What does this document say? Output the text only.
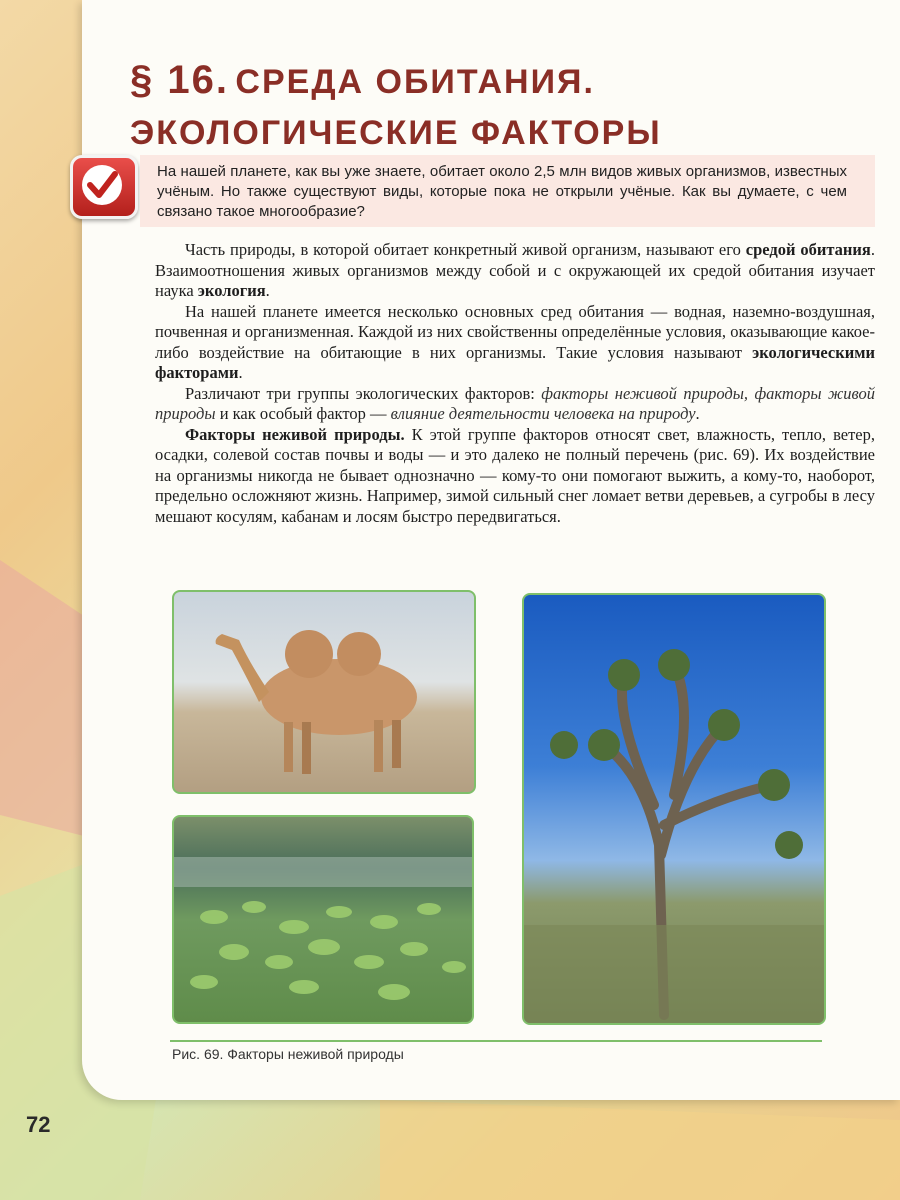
§ 16. СРЕДА ОБИТАНИЯ.
ЭКОЛОГИЧЕСКИЕ ФАКТОРЫ
На нашей планете, как вы уже знаете, обитает около 2,5 млн видов живых организмов, известных учёным. Но также существуют виды, которые пока не открыли учёные. Как вы думаете, с чем связано такое многообразие?

Часть природы, в которой обитает конкретный живой организм, называют его средой обитания. Взаимоотношения живых организмов между собой и с окружающей их средой обитания изучает наука экология.

На нашей планете имеется несколько основных сред обитания — водная, наземно-воздушная, почвенная и организменная. Каждой из них свойственны определённые условия, оказывающие какое-либо воздействие на обитающие в них организмы. Такие условия называют экологическими факторами.

Различают три группы экологических факторов: факторы неживой природы, факторы живой природы и как особый фактор — влияние деятельности человека на природу.

Факторы неживой природы. К этой группе факторов относят свет, влажность, тепло, ветер, осадки, солевой состав почвы и воды — и это далеко не полный перечень (рис. 69). Их воздействие на организмы никогда не бывает однозначно — кому-то они помогают выжить, а кому-то, наоборот, предельно осложняют жизнь. Например, зимой сильный снег ломает ветви деревьев, а сугробы в лесу мешают косулям, кабанам и лосям быстро передвигаться.

Рис. 69. Факторы неживой природы
72
